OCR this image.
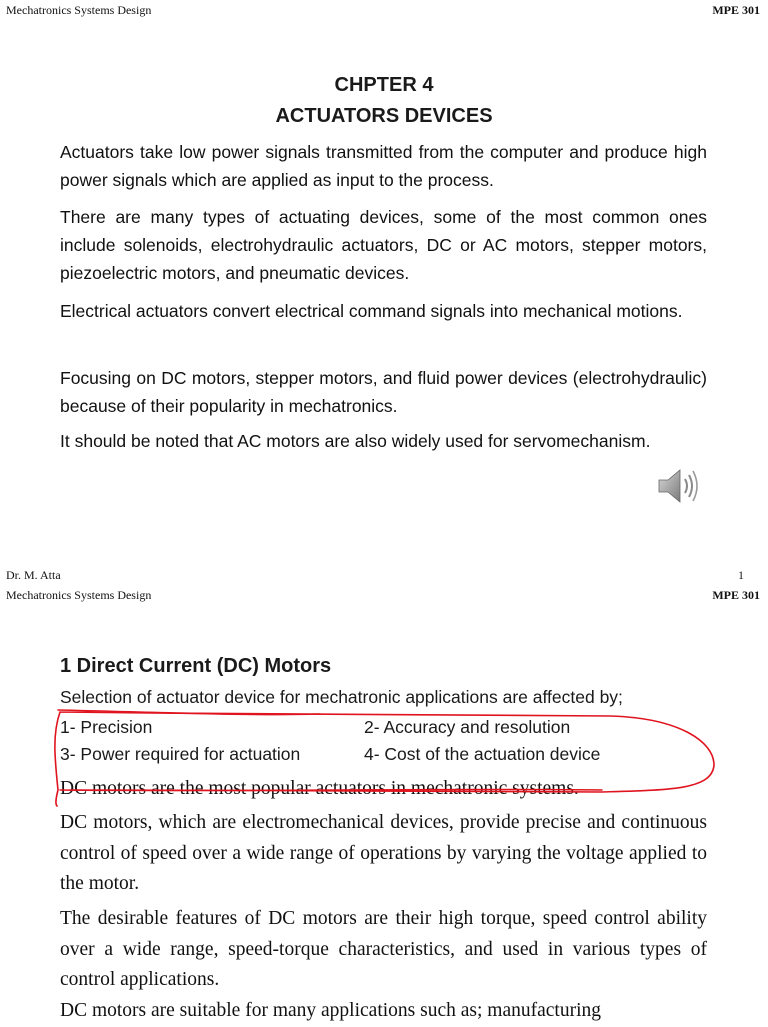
Mechatronics Systems Design	MPE 301
CHPTER 4
ACTUATORS DEVICES
Actuators take low power signals transmitted from the computer and produce high power signals which are applied as input to the process.
There are many types of actuating devices, some of the most common ones include solenoids, electrohydraulic actuators, DC or AC motors, stepper motors, piezoelectric motors, and pneumatic devices.
Electrical actuators convert electrical command signals into mechanical motions.
Focusing on DC motors, stepper motors, and fluid power devices (electrohydraulic) because of their popularity in mechatronics.
It should be noted that AC motors are also widely used for servomechanism.
Dr. M. Atta	1
Mechatronics Systems Design	MPE 301
1 Direct Current (DC) Motors
Selection of actuator device for mechatronic applications are affected by;
1- Precision	2- Accuracy and resolution
3- Power required for actuation	4- Cost of the actuation device
DC motors are the most popular actuators in mechatronic systems.
DC motors, which are electromechanical devices, provide precise and continuous control of speed over a wide range of operations by varying the voltage applied to the motor.
The desirable features of DC motors are their high torque, speed control ability over a wide range, speed-torque characteristics, and used in various types of control applications.
DC motors are suitable for many applications such as; manufacturing
